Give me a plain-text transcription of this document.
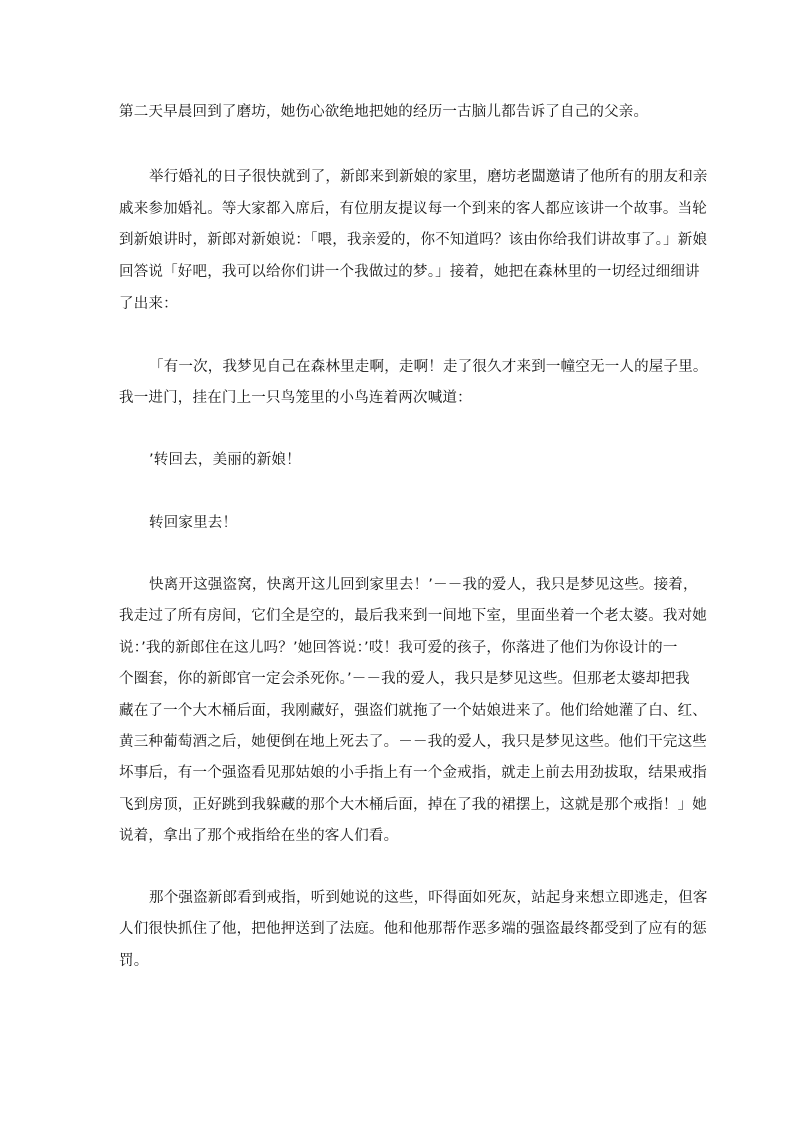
第二天早晨回到了磨坊，她伤心欲绝地把她的经历一古脑儿都告诉了自己的父亲。
举行婚礼的日子很快就到了，新郎来到新娘的家里，磨坊老闆邀请了他所有的朋友和亲
戚来参加婚礼。等大家都入席后，有位朋友提议每一个到来的客人都应该讲一个故事。当轮
到新娘讲时，新郎对新娘说：「喂，我亲爱的，你不知道吗？该由你给我们讲故事了。」新娘
回答说「好吧，我可以给你们讲一个我做过的梦。」接着，她把在森林里的一切经过细细讲
了出来：
「有一次，我梦见自己在森林里走啊，走啊！走了很久才来到一幢空无一人的屋子里。
我一进门，挂在门上一只鸟笼里的小鸟连着两次喊道：
’转回去，美丽的新娘！
转回家里去！
快离开这强盗窝，快离开这儿回到家里去！’－－我的爱人，我只是梦见这些。接着，
我走过了所有房间，它们全是空的，最后我来到一间地下室，里面坐着一个老太婆。我对她
说：’我的新郎住在这儿吗？’她回答说：’哎！我可爱的孩子，你落进了他们为你设计的一
个圈套，你的新郎官一定会杀死你。’－－我的爱人，我只是梦见这些。但那老太婆却把我
藏在了一个大木桶后面，我刚藏好，强盗们就拖了一个姑娘进来了。他们给她灌了白、红、
黄三种葡萄酒之后，她便倒在地上死去了。－－我的爱人，我只是梦见这些。他们干完这些
坏事后，有一个强盗看见那姑娘的小手指上有一个金戒指，就走上前去用劲拔取，结果戒指
飞到房顶，正好跳到我躲藏的那个大木桶后面，掉在了我的裙摆上，这就是那个戒指！」她
说着，拿出了那个戒指给在坐的客人们看。
那个强盗新郎看到戒指，听到她说的这些，吓得面如死灰，站起身来想立即逃走，但客
人们很快抓住了他，把他押送到了法庭。他和他那帮作恶多端的强盗最终都受到了应有的惩
罚。
